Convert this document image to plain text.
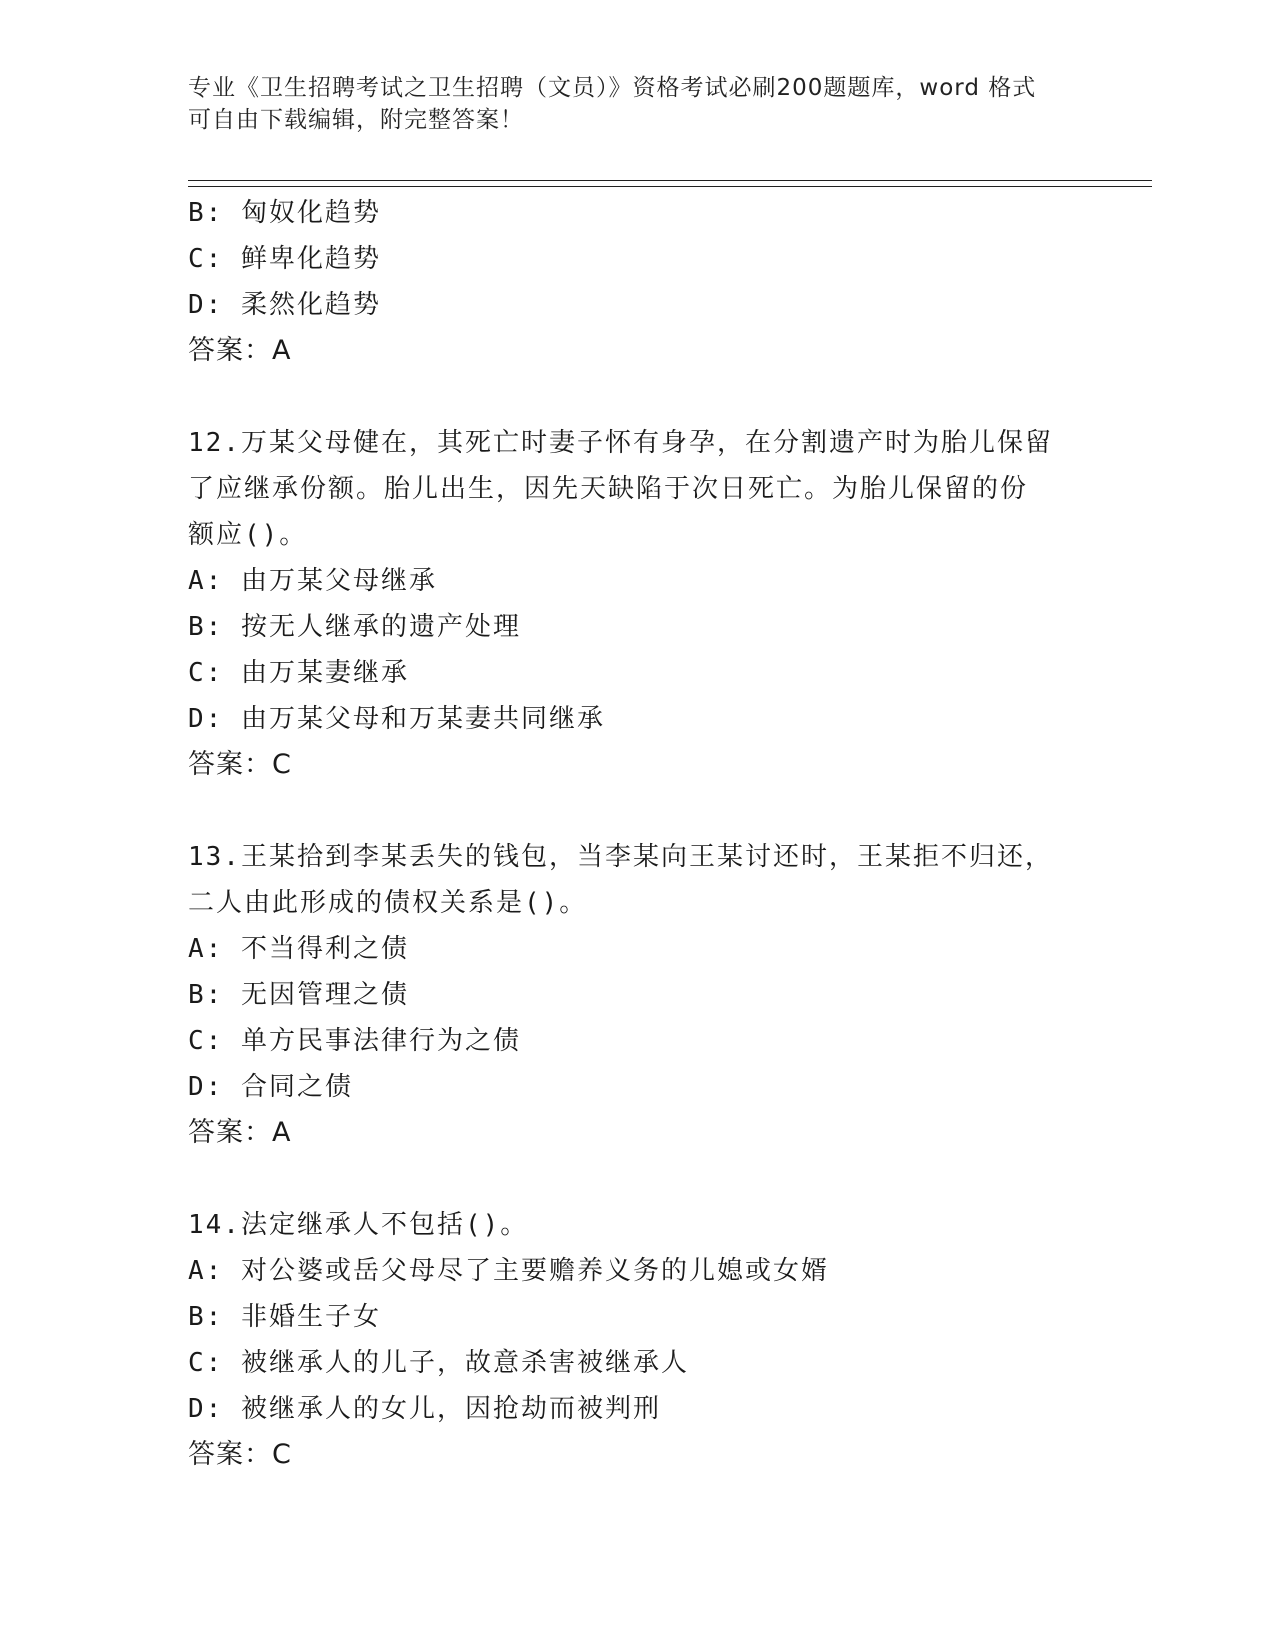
专业《卫生招聘考试之卫生招聘（文员）》资格考试必刷200题题库，word 格式
可自由下载编辑，附完整答案！
B: 匈奴化趋势
C: 鲜卑化趋势
D: 柔然化趋势
答案：A
12.万某父母健在，其死亡时妻子怀有身孕，在分割遗产时为胎儿保留
了应继承份额。胎儿出生，因先天缺陷于次日死亡。为胎儿保留的份
额应()。
A: 由万某父母继承
B: 按无人继承的遗产处理
C: 由万某妻继承
D: 由万某父母和万某妻共同继承
答案：C
13.王某拾到李某丢失的钱包，当李某向王某讨还时，王某拒不归还，
二人由此形成的债权关系是()。
A: 不当得利之债
B: 无因管理之债
C: 单方民事法律行为之债
D: 合同之债
答案：A
14.法定继承人不包括()。
A: 对公婆或岳父母尽了主要赡养义务的儿媳或女婿
B: 非婚生子女
C: 被继承人的儿子，故意杀害被继承人
D: 被继承人的女儿，因抢劫而被判刑
答案：C
